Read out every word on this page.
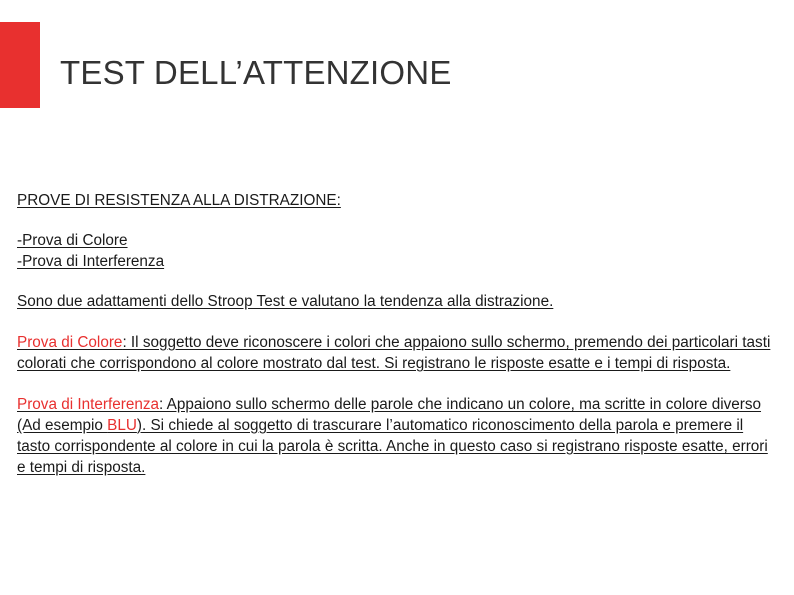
TEST DELL’ATTENZIONE

PROVE DI RESISTENZA ALLA DISTRAZIONE:

-Prova di Colore

-Prova di Interferenza

Sono due adattamenti dello Stroop Test e valutano la tendenza alla distrazione.

Prova di Colore: Il soggetto deve riconoscere i colori che appaiono sullo schermo, premendo dei particolari tasti colorati che corrispondono al colore mostrato dal test. Si registrano le risposte esatte e i tempi di risposta.

Prova di Interferenza: Appaiono sullo schermo delle parole che indicano un colore, ma scritte in colore diverso (Ad esempio BLU). Si chiede al soggetto di trascurare l’automatico riconoscimento della parola e premere il tasto corrispondente al colore in cui la parola è scritta. Anche in questo caso si registrano risposte esatte, errori e tempi di risposta.
